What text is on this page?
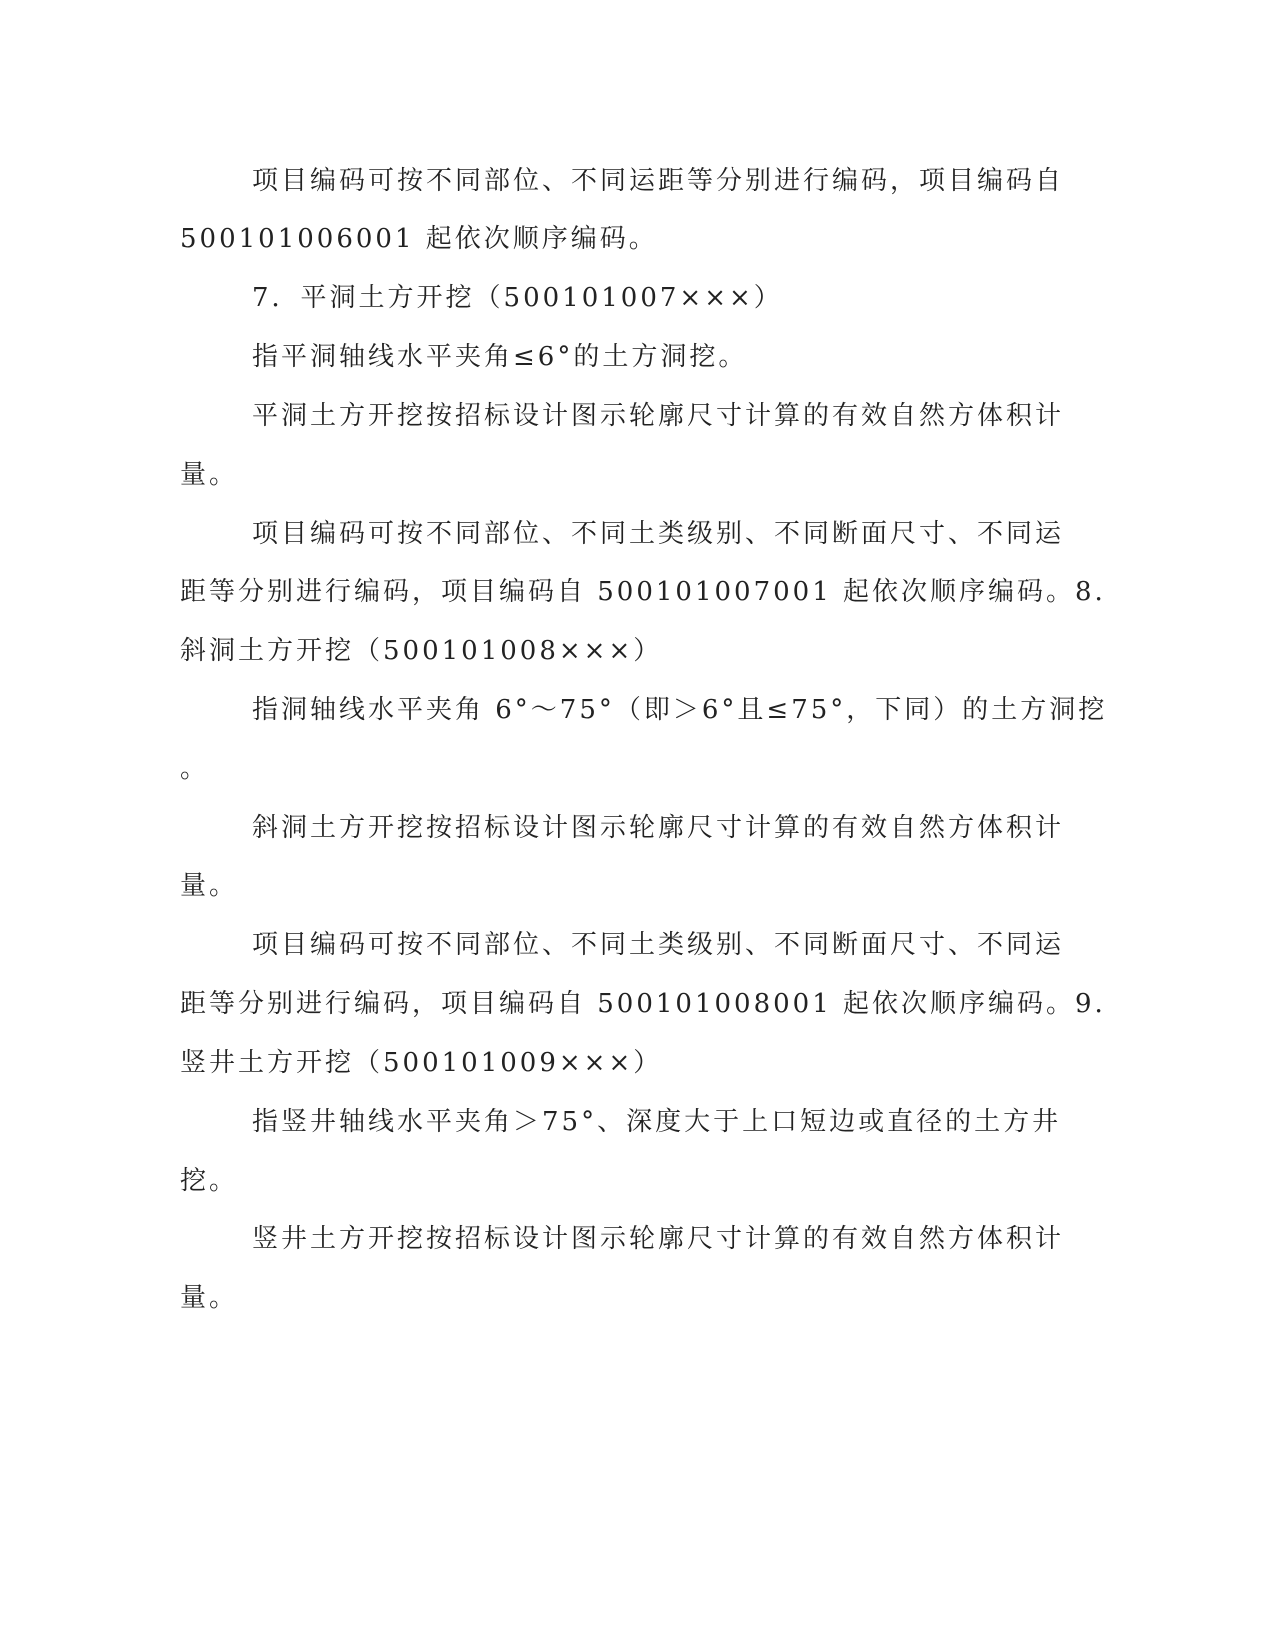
项目编码可按不同部位、不同运距等分别进行编码，项目编码自
500101006001 起依次顺序编码。
7．平洞土方开挖（500101007×××）
指平洞轴线水平夹角≤6°的土方洞挖。
平洞土方开挖按招标设计图示轮廓尺寸计算的有效自然方体积计
量。
项目编码可按不同部位、不同土类级别、不同断面尺寸、不同运
距等分别进行编码，项目编码自 500101007001 起依次顺序编码。8．
斜洞土方开挖（500101008×××）
指洞轴线水平夹角 6°～75°（即＞6°且≤75°，下同）的土方洞挖
。
斜洞土方开挖按招标设计图示轮廓尺寸计算的有效自然方体积计
量。
项目编码可按不同部位、不同土类级别、不同断面尺寸、不同运
距等分别进行编码，项目编码自 500101008001 起依次顺序编码。9．
竖井土方开挖（500101009×××）
指竖井轴线水平夹角＞75°、深度大于上口短边或直径的土方井
挖。
竖井土方开挖按招标设计图示轮廓尺寸计算的有效自然方体积计
量。
